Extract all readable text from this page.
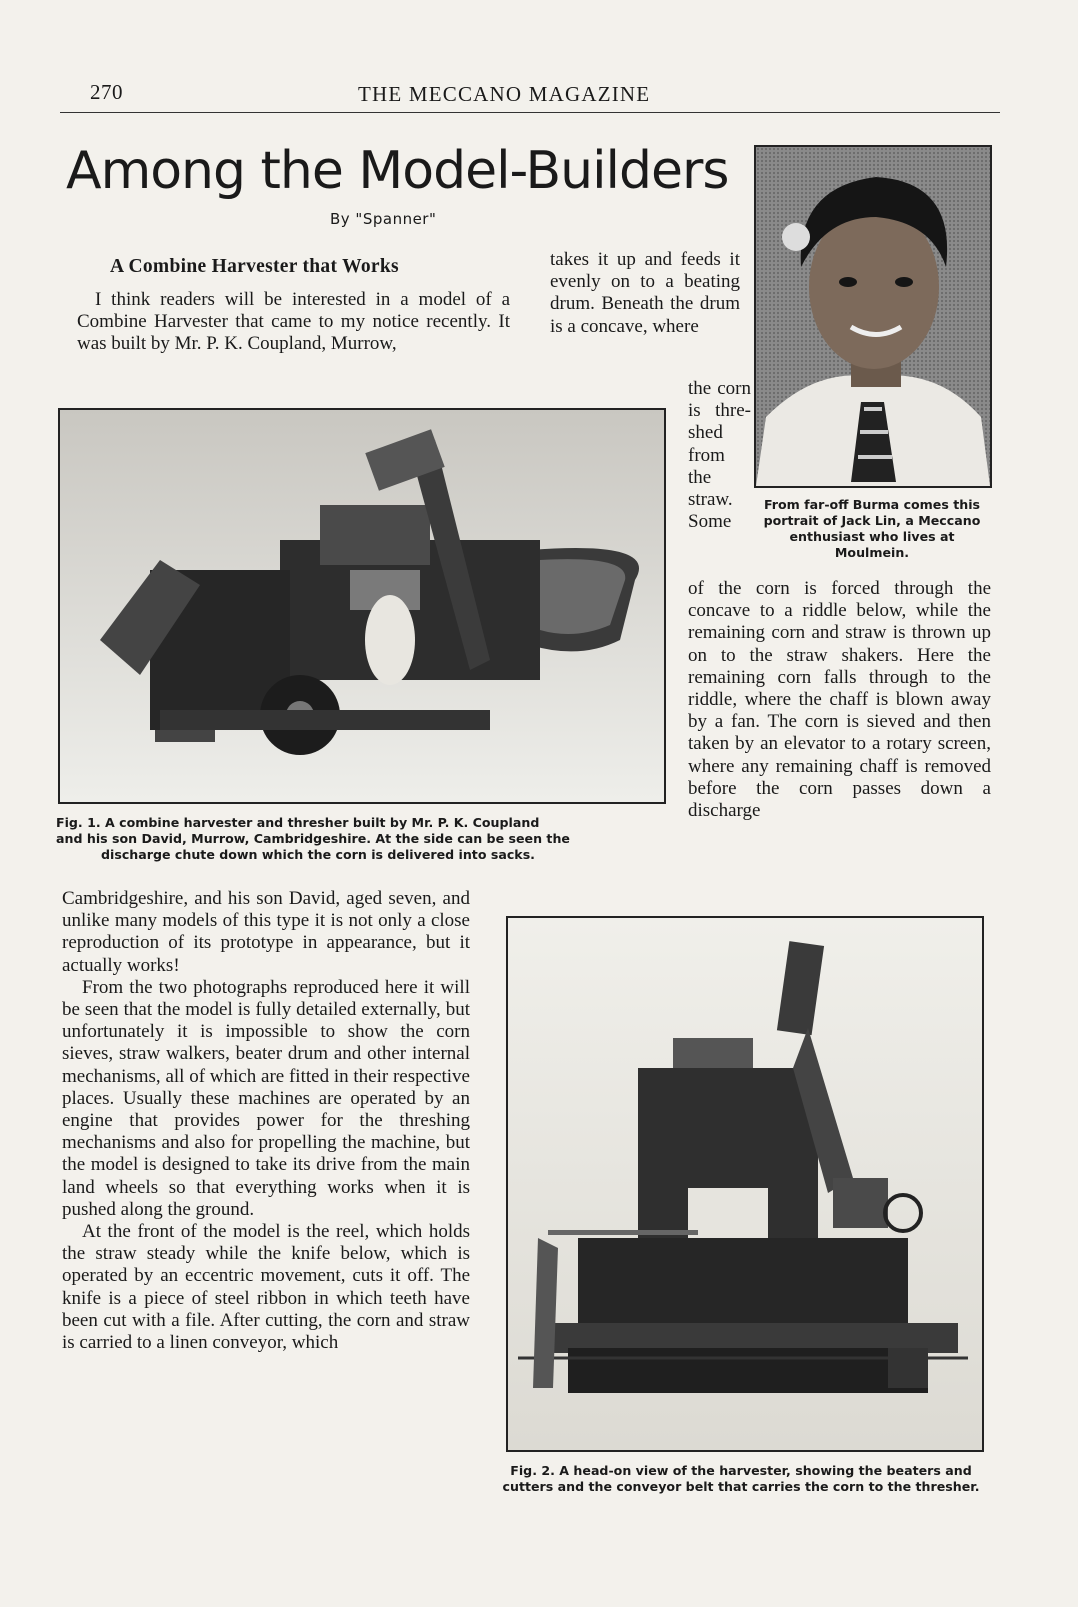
270	THE MECCANO MAGAZINE
Among the Model-Builders
By "Spanner"
A Combine Harvester that Works
I think readers will be interested in a model of a Combine Harvester that came to my notice recently. It was built by Mr. P. K. Coupland, Murrow,
takes it up and feeds it evenly on to a beating drum. Beneath the drum is a concave, where
the corn is thre-shed from the straw. Some
of the corn is forced through the concave to a riddle below, while the remaining corn and straw is thrown up on to the straw shakers. Here the remaining corn falls through to the riddle, where the chaff is blown away by a fan. The corn is sieved and then taken by an elevator to a rotary screen, where any remaining chaff is removed before the corn passes down a discharge

Cambridgeshire, and his son David, aged seven, and unlike many models of this type it is not only a close reproduction of its prototype in appearance, but it actually works!

From the two photographs reproduced here it will be seen that the model is fully detailed externally, but unfortunately it is impossible to show the corn sieves, straw walkers, beater drum and other internal mechanisms, all of which are fitted in their respective places. Usually these machines are operated by an engine that provides power for the threshing mechanisms and also for propelling the machine, but the model is designed to take its drive from the main land wheels so that everything works when it is pushed along the ground.

At the front of the model is the reel, which holds the straw steady while the knife below, which is operated by an eccentric movement, cuts it off. The knife is a piece of steel ribbon in which teeth have been cut with a file. After cutting, the corn and straw is carried to a linen conveyor, which

Fig. 1. A combine harvester and thresher built by Mr. P. K. Coupland
and his son David, Murrow, Cambridgeshire. At the side can be seen the
discharge chute down which the corn is delivered into sacks.
From far-off Burma comes this portrait of Jack Lin, a Meccano enthusiast who lives at Moulmein.
Fig. 2. A head-on view of the harvester, showing the beaters and cutters and the conveyor belt that carries the corn to the thresher.
